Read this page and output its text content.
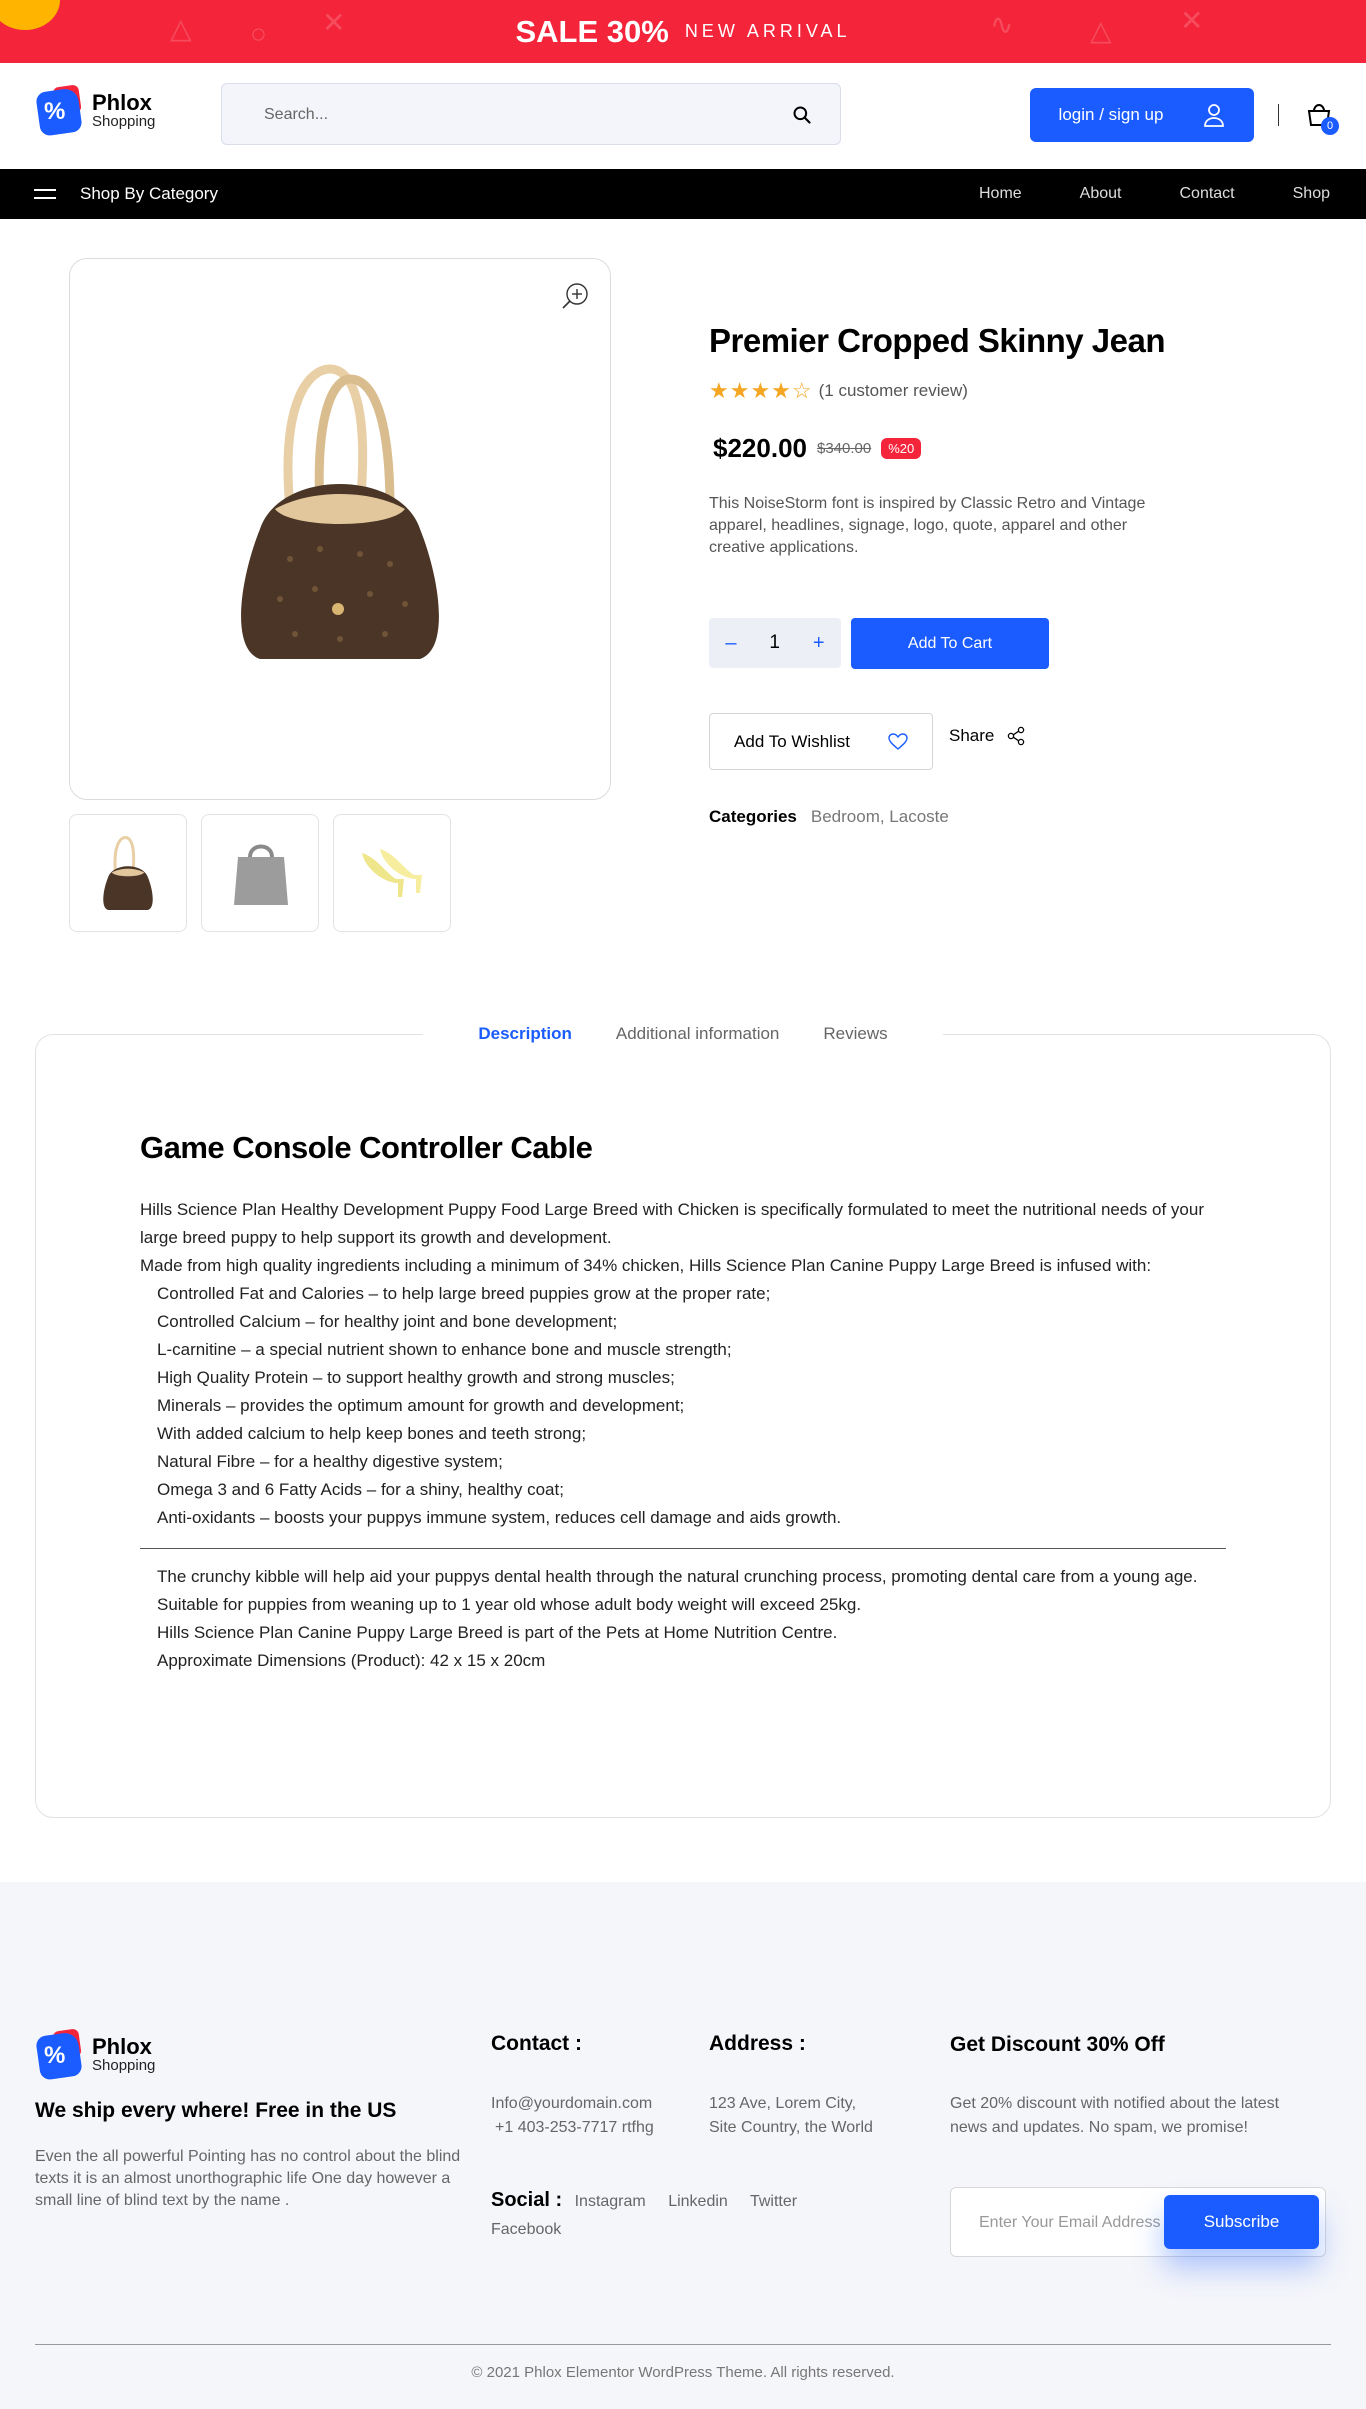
△	✕
○	∿	△ ✕
SALE 30% NEW ARRIVAL
% Phlox
Shopping
Search...	login / sign up
0
Shop By Category	Home	About	Contact	Shop
Premier Cropped Skinny Jean
★★★★☆ (1 customer review)
$220.00 $340.00	%20
This NoiseStorm font is inspired by Classic Retro and Vintage apparel, headlines, signage, logo, quote, apparel and other creative applications.
– 1 +	Add To Cart
Add To Wishlist	Share
Categories Bedroom, Lacoste
Description	Additional information	Reviews
Game Console Controller Cable

Hills Science Plan Healthy Development Puppy Food Large Breed with Chicken is specifically formulated to meet the nutritional needs of your large breed puppy to help support its growth and development.

Made from high quality ingredients including a minimum of 34% chicken, Hills Science Plan Canine Puppy Large Breed is infused with:

Controlled Fat and Calories – to help large breed puppies grow at the proper rate;
Controlled Calcium – for healthy joint and bone development;
L-carnitine – a special nutrient shown to enhance bone and muscle strength;
High Quality Protein – to support healthy growth and strong muscles;
Minerals – provides the optimum amount for growth and development;
With added calcium to help keep bones and teeth strong;
Natural Fibre – for a healthy digestive system;
Omega 3 and 6 Fatty Acids – for a shiny, healthy coat;
Anti-oxidants – boosts your puppys immune system, reduces cell damage and aids growth.
The crunchy kibble will help aid your puppys dental health through the natural crunching process, promoting dental care from a young age.
Suitable for puppies from weaning up to 1 year old whose adult body weight will exceed 25kg.
Hills Science Plan Canine Puppy Large Breed is part of the Pets at Home Nutrition Centre.
Approximate Dimensions (Product): 42 x 15 x 20cm
% Phlox
Shopping
We ship every where! Free in the US
Even the all powerful Pointing has no control about the blind texts it is an almost unorthographic life One day however a small line of blind text by the name .
Contact :
Info@yourdomain.com
+1 403-253-7717 rtfhg
Address :
123 Ave, Lorem City,
Site Country, the World
Social : Instagram Linkedin Twitter
Facebook
Get Discount 30% Off
Get 20% discount with notified about the latest news and updates. No spam, we promise!
Enter Your Email Address
Subscribe
© 2021 Phlox Elementor WordPress Theme. All rights reserved.
